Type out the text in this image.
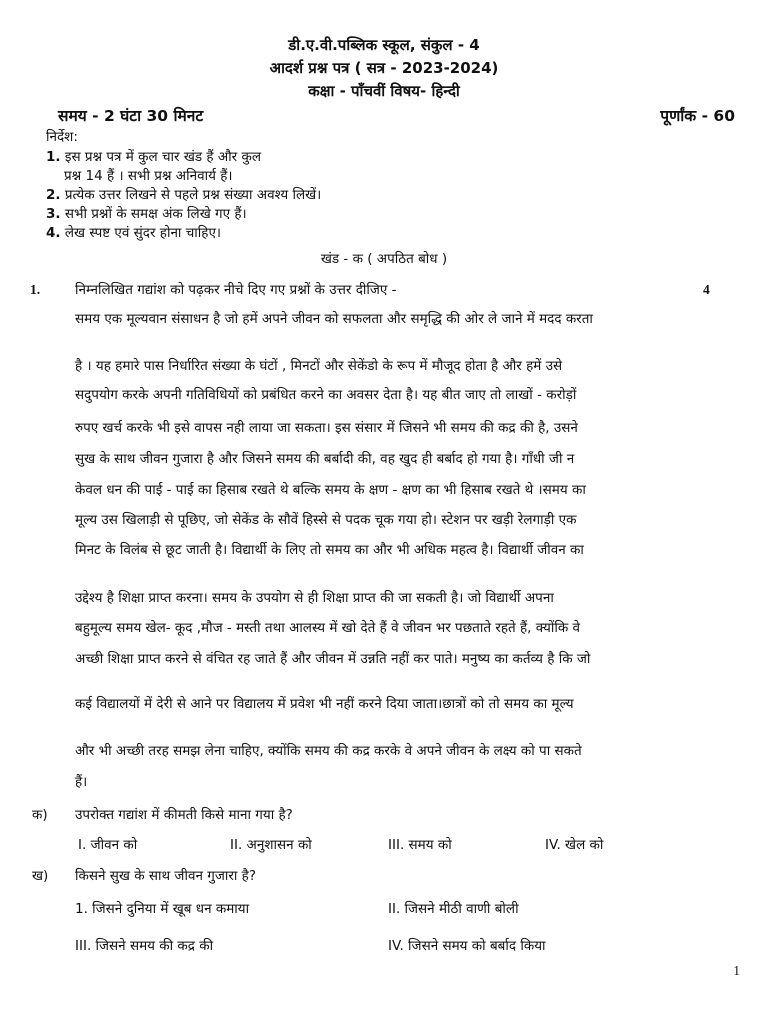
डी.ए.वी.पब्लिक स्कूल, संकुल - 4
आदर्श प्रश्न पत्र ( सत्र - 2023-2024)
कक्षा - पाँचवीं विषय- हिन्दी
समय - 2 घंटा 30 मिनट	पूर्णांक - 60
निर्देश:
1. इस प्रश्न पत्र में कुल चार खंड हैं और कुल
प्रश्न 14 हैं । सभी प्रश्न अनिवार्य हैं।
2. प्रत्येक उत्तर लिखने से पहले प्रश्न संख्या अवश्य लिखें।
3. सभी प्रश्नों के समक्ष अंक लिखे गए हैं।
4. लेख स्पष्ट एवं सुंदर होना चाहिए।
खंड - क ( अपठित बोध )
1.	निम्नलिखित गद्यांश को पढ़कर नीचे दिए गए प्रश्नों के उत्तर दीजिए -	4
समय एक मूल्यवान संसाधन है जो हमें अपने जीवन को सफलता और समृद्धि की ओर ले जाने में मदद करता
है । यह हमारे पास निर्धारित संख्या के घंटों , मिनटों और सेकेंडो के रूप में मौजूद होता है और हमें उसे
सदुपयोग करके अपनी गतिविधियों को प्रबंधित करने का अवसर देता है। यह बीत जाए तो लाखों - करोड़ों
रुपए खर्च करके भी इसे वापस नही लाया जा सकता। इस संसार में जिसने भी समय की कद्र की है, उसने
सुख के साथ जीवन गुजारा है और जिसने समय की बर्बादी की, वह खुद ही बर्बाद हो गया है। गाँधी जी न
केवल धन की पाई - पाई का हिसाब रखते थे बल्कि समय के क्षण - क्षण का भी हिसाब रखते थे ।समय का
मूल्य उस खिलाड़ी से पूछिए, जो सेकेंड के सौवें हिस्से से पदक चूक गया हो। स्टेशन पर खड़ी रेलगाड़ी एक
मिनट के विलंब से छूट जाती है। विद्यार्थी के लिए तो समय का और भी अधिक महत्व है। विद्यार्थी जीवन का
उद्देश्य है शिक्षा प्राप्त करना। समय के उपयोग से ही शिक्षा प्राप्त की जा सकती है। जो विद्यार्थी अपना
बहुमूल्य समय खेल- कूद ,मौज - मस्ती तथा आलस्य में खो देते हैं वे जीवन भर पछताते रहते हैं, क्योंकि वे
अच्छी शिक्षा प्राप्त करने से वंचित रह जाते हैं और जीवन में उन्नति नहीं कर पाते। मनुष्य का कर्तव्य है कि जो
कई विद्यालयों में देरी से आने पर विद्यालय में प्रवेश भी नहीं करने दिया जाता।छात्रों को तो समय का मूल्य
और भी अच्छी तरह समझ लेना चाहिए, क्योंकि समय की कद्र करके वे अपने जीवन के लक्ष्य को पा सकते
हैं।
क) उपरोक्त गद्यांश में कीमती किसे माना गया है?
I. जीवन को	II. अनुशासन को	III. समय को	IV. खेल को
ख) किसने सुख के साथ जीवन गुजारा है?
1. जिसने दुनिया में खूब धन कमाया	II. जिसने मीठी वाणी बोली
III. जिसने समय की कद्र की	IV. जिसने समय को बर्बाद किया
1
